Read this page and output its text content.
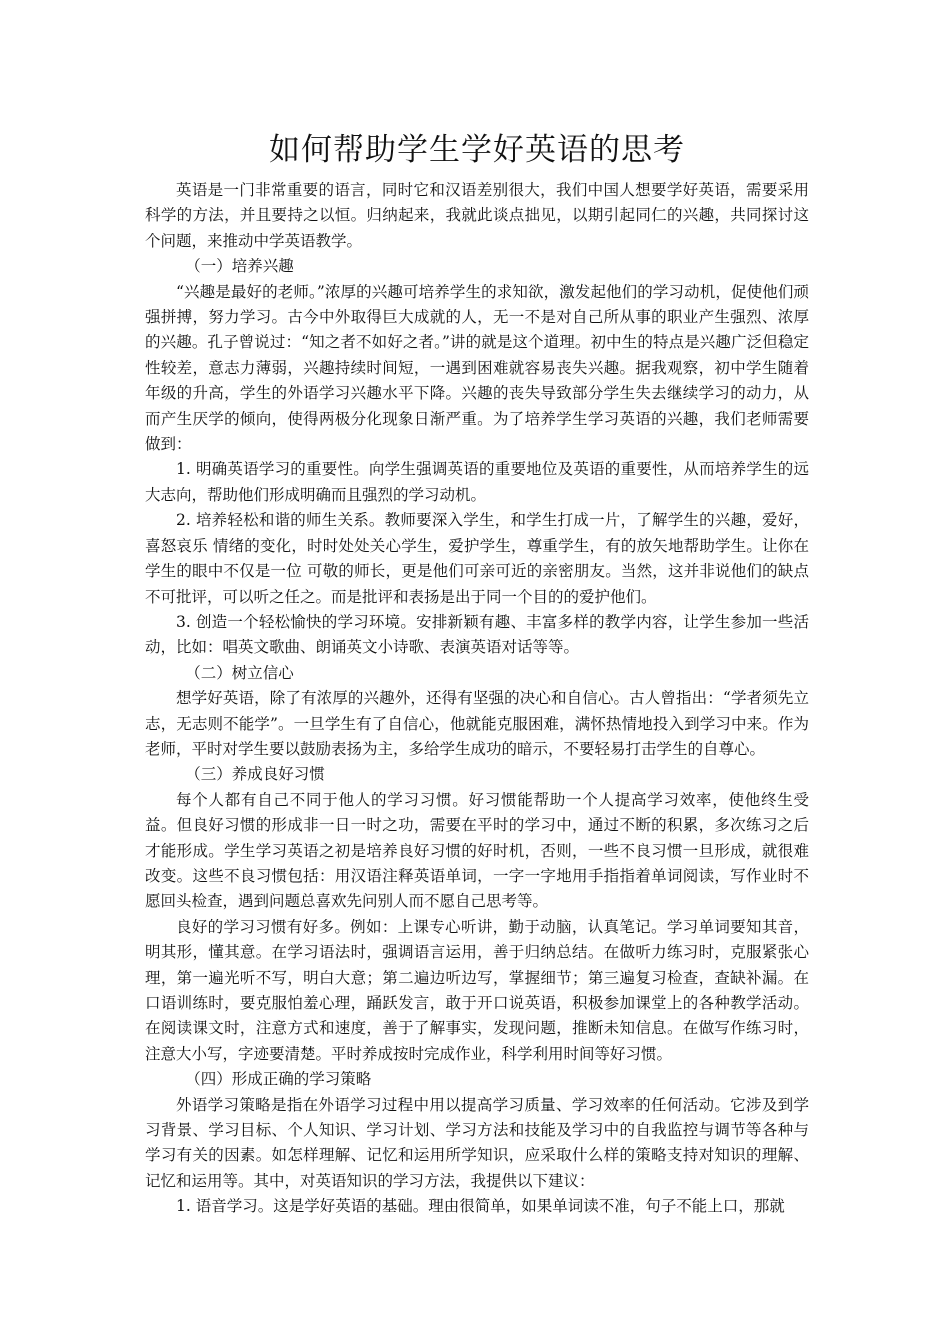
如何帮助学生学好英语的思考

英语是一门非常重要的语言，同时它和汉语差别很大，我们中国人想要学好英语，需要采用科学的方法，并且要持之以恒。归纳起来，我就此谈点拙见，以期引起同仁的兴趣，共同探讨这个问题，来推动中学英语教学。

（一）培养兴趣

“兴趣是最好的老师。”浓厚的兴趣可培养学生的求知欲，激发起他们的学习动机，促使他们顽强拼搏，努力学习。古今中外取得巨大成就的人，无一不是对自己所从事的职业产生强烈、浓厚的兴趣。孔子曾说过：“知之者不如好之者。”讲的就是这个道理。初中生的特点是兴趣广泛但稳定性较差，意志力薄弱，兴趣持续时间短，一遇到困难就容易丧失兴趣。据我观察，初中学生随着年级的升高，学生的外语学习兴趣水平下降。兴趣的丧失导致部分学生失去继续学习的动力，从而产生厌学的倾向，使得两极分化现象日渐严重。为了培养学生学习英语的兴趣，我们老师需要做到：

1. 明确英语学习的重要性。向学生强调英语的重要地位及英语的重要性，从而培养学生的远大志向，帮助他们形成明确而且强烈的学习动机。

2. 培养轻松和谐的师生关系。教师要深入学生，和学生打成一片，了解学生的兴趣，爱好，喜怒哀乐 情绪的变化，时时处处关心学生，爱护学生，尊重学生，有的放矢地帮助学生。让你在学生的眼中不仅是一位 可敬的师长，更是他们可亲可近的亲密朋友。当然，这并非说他们的缺点不可批评，可以听之任之。而是批评和表扬是出于同一个目的的爱护他们。

3. 创造一个轻松愉快的学习环境。安排新颖有趣、丰富多样的教学内容，让学生参加一些活动，比如：唱英文歌曲、朗诵英文小诗歌、表演英语对话等等。

（二）树立信心

想学好英语，除了有浓厚的兴趣外，还得有坚强的决心和自信心。古人曾指出：“学者须先立志，无志则不能学”。一旦学生有了自信心，他就能克服困难，满怀热情地投入到学习中来。作为老师，平时对学生要以鼓励表扬为主，多给学生成功的暗示，不要轻易打击学生的自尊心。

（三）养成良好习惯

每个人都有自己不同于他人的学习习惯。好习惯能帮助一个人提高学习效率，使他终生受益。但良好习惯的形成非一日一时之功，需要在平时的学习中，通过不断的积累，多次练习之后才能形成。学生学习英语之初是培养良好习惯的好时机，否则，一些不良习惯一旦形成，就很难改变。这些不良习惯包括：用汉语注释英语单词，一字一字地用手指指着单词阅读，写作业时不愿回头检查，遇到问题总喜欢先问别人而不愿自己思考等。

良好的学习习惯有好多。例如：上课专心听讲，勤于动脑，认真笔记。学习单词要知其音，明其形，懂其意。在学习语法时，强调语言运用，善于归纳总结。在做听力练习时，克服紧张心理，第一遍光听不写，明白大意；第二遍边听边写，掌握细节；第三遍复习检查，查缺补漏。在口语训练时，要克服怕羞心理，踊跃发言，敢于开口说英语，积极参加课堂上的各种教学活动。在阅读课文时，注意方式和速度，善于了解事实，发现问题，推断未知信息。在做写作练习时，注意大小写，字迹要清楚。平时养成按时完成作业，科学利用时间等好习惯。

（四）形成正确的学习策略

外语学习策略是指在外语学习过程中用以提高学习质量、学习效率的任何活动。它涉及到学习背景、学习目标、个人知识、学习计划、学习方法和技能及学习中的自我监控与调节等各种与学习有关的因素。如怎样理解、记忆和运用所学知识，应采取什么样的策略支持对知识的理解、记忆和运用等。其中，对英语知识的学习方法，我提供以下建议：

1. 语音学习。这是学好英语的基础。理由很简单，如果单词读不准，句子不能上口，那就
